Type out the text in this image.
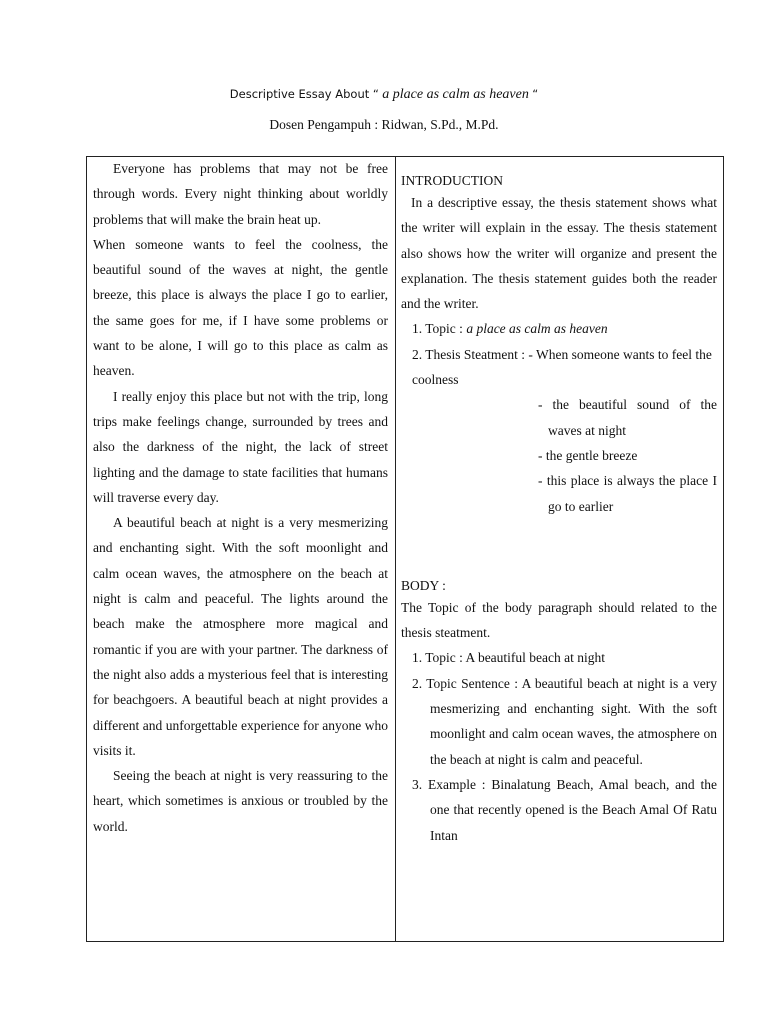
Descriptive Essay About “ a place as calm as heaven “
Dosen Pengampuh : Ridwan, S.Pd., M.Pd.

Everyone has problems that may not be free through words. Every night thinking about worldly problems that will make the brain heat up.

When someone wants to feel the coolness, the beautiful sound of the waves at night, the gentle breeze, this place is always the place I go to earlier, the same goes for me, if I have some problems or want to be alone, I will go to this place as calm as heaven.

I really enjoy this place but not with the trip, long trips make feelings change, surrounded by trees and also the darkness of the night, the lack of street lighting and the damage to state facilities that humans will traverse every day.

A beautiful beach at night is a very mesmerizing and enchanting sight. With the soft moonlight and calm ocean waves, the atmosphere on the beach at night is calm and peaceful. The lights around the beach make the atmosphere more magical and romantic if you are with your partner. The darkness of the night also adds a mysterious feel that is interesting for beachgoers. A beautiful beach at night provides a different and unforgettable experience for anyone who visits it.

Seeing the beach at night is very reassuring to the heart, which sometimes is anxious or troubled by the world.

INTRODUCTION

In a descriptive essay, the thesis statement shows what the writer will explain in the essay. The thesis statement also shows how the writer will organize and present the explanation. The thesis statement guides both the reader and the writer.

1. Topic : a place as calm as heaven
2. Thesis Steatment : - When someone wants to feel the coolness
- the beautiful sound of the waves at night
- the gentle breeze
- this place is always the place I go to earlier
BODY :

The Topic of the body paragraph should related to the thesis steatment.

1. Topic : A beautiful beach at night
2. Topic Sentence : A beautiful beach at night is a very mesmerizing and enchanting sight. With the soft moonlight and calm ocean waves, the atmosphere on the beach at night is calm and peaceful.
3. Example : Binalatung Beach, Amal beach, and the one that recently opened is the Beach Amal Of Ratu Intan
